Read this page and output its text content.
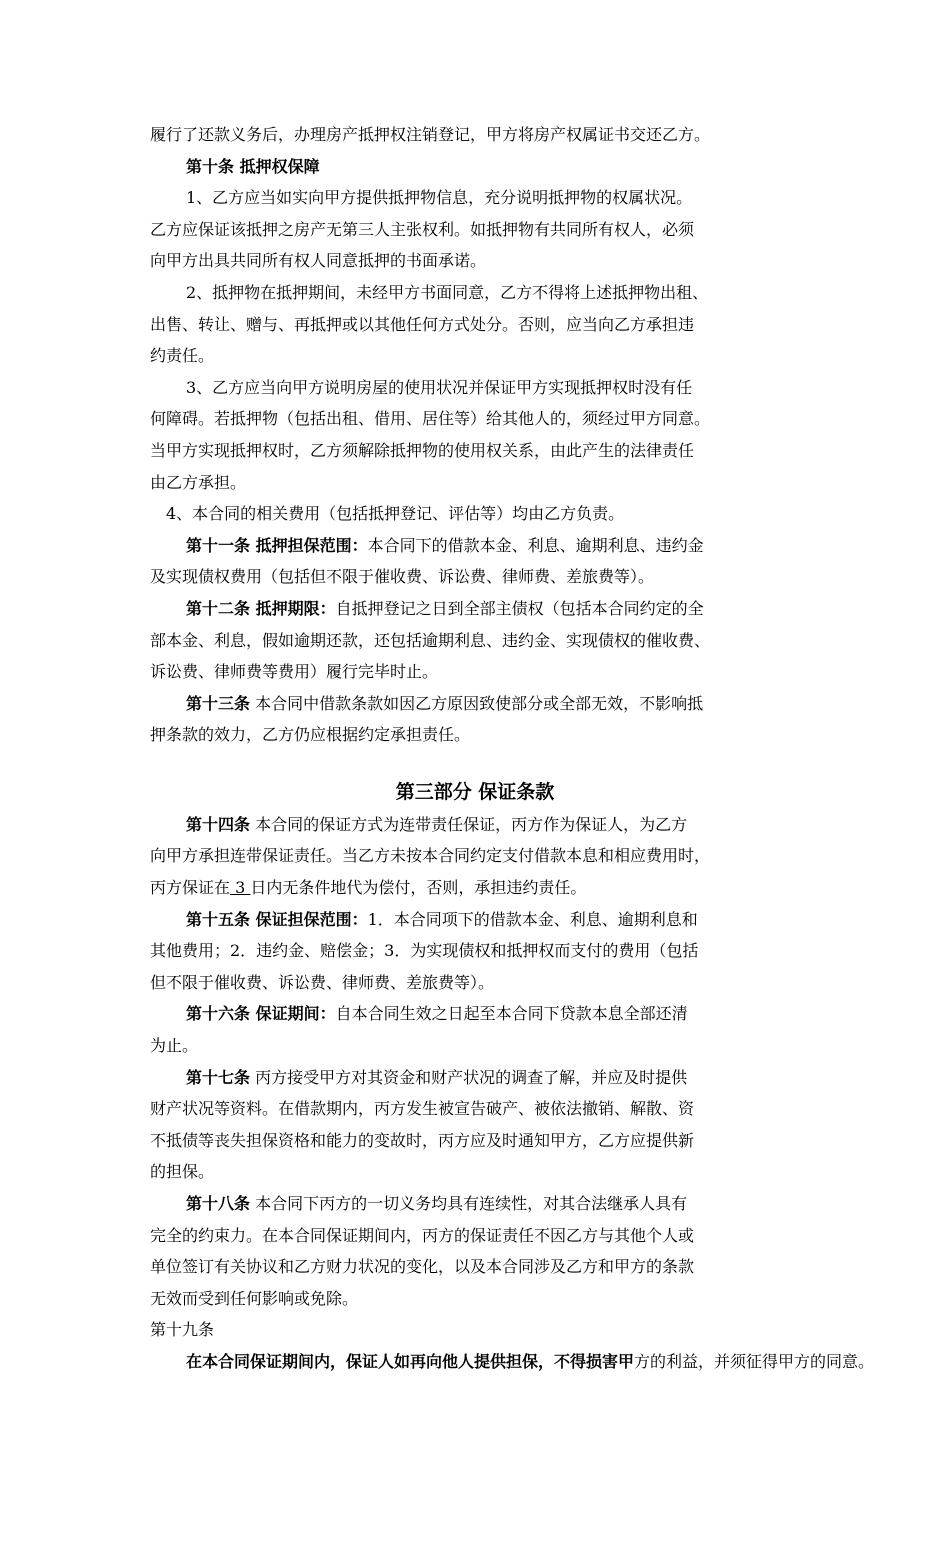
履行了还款义务后，办理房产抵押权注销登记，甲方将房产权属证书交还乙方。
第十条 抵押权保障
1、乙方应当如实向甲方提供抵押物信息，充分说明抵押物的权属状况。
乙方应保证该抵押之房产无第三人主张权利。如抵押物有共同所有权人，必须
向甲方出具共同所有权人同意抵押的书面承诺。
2、抵押物在抵押期间，未经甲方书面同意，乙方不得将上述抵押物出租、
出售、转让、赠与、再抵押或以其他任何方式处分。否则，应当向乙方承担违
约责任。
3、乙方应当向甲方说明房屋的使用状况并保证甲方实现抵押权时没有任
何障碍。若抵押物（包括出租、借用、居住等）给其他人的，须经过甲方同意。
当甲方实现抵押权时，乙方须解除抵押物的使用权关系，由此产生的法律责任
由乙方承担。
4、本合同的相关费用（包括抵押登记、评估等）均由乙方负责。
第十一条 抵押担保范围：本合同下的借款本金、利息、逾期利息、违约金
及实现债权费用（包括但不限于催收费、诉讼费、律师费、差旅费等）。
第十二条 抵押期限：自抵押登记之日到全部主债权（包括本合同约定的全
部本金、利息，假如逾期还款，还包括逾期利息、违约金、实现债权的催收费、
诉讼费、律师费等费用）履行完毕时止。
第十三条 本合同中借款条款如因乙方原因致使部分或全部无效，不影响抵
押条款的效力，乙方仍应根据约定承担责任。
第三部分 保证条款
第十四条 本合同的保证方式为连带责任保证，丙方作为保证人，为乙方
向甲方承担连带保证责任。当乙方未按本合同约定支付借款本息和相应费用时，
丙方保证在 3 日内无条件地代为偿付，否则，承担违约责任。
第十五条 保证担保范围：1．本合同项下的借款本金、利息、逾期利息和
其他费用；2．违约金、赔偿金；3．为实现债权和抵押权而支付的费用（包括
但不限于催收费、诉讼费、律师费、差旅费等）。
第十六条 保证期间：自本合同生效之日起至本合同下贷款本息全部还清
为止。
第十七条 丙方接受甲方对其资金和财产状况的调查了解，并应及时提供
财产状况等资料。在借款期内，丙方发生被宣告破产、被依法撤销、解散、资
不抵债等丧失担保资格和能力的变故时，丙方应及时通知甲方，乙方应提供新
的担保。
第十八条 本合同下丙方的一切义务均具有连续性，对其合法继承人具有
完全的约束力。在本合同保证期间内，丙方的保证责任不因乙方与其他个人或
单位签订有关协议和乙方财力状况的变化，以及本合同涉及乙方和甲方的条款
无效而受到任何影响或免除。
第十九条
在本合同保证期间内，保证人如再向他人提供担保，不得损害甲方的利益，并须征得甲方的同意。
